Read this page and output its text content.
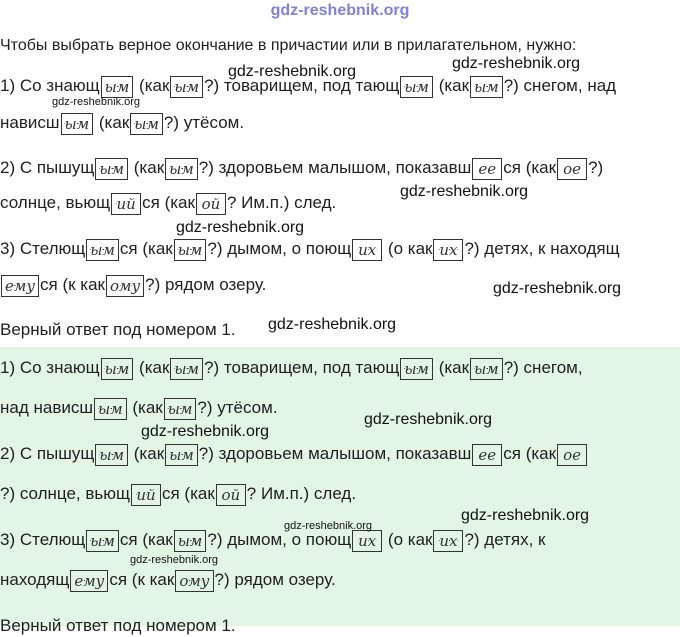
gdz-reshebnik.org
Чтобы выбрать верное окончание в причастии или в прилагательном, нужно:
1) Со знающ ым (как ым ?) товарищем, под тающ ым (как ым ?) снегом, над
нависш ым (как ым ?) утёсом.
2) С пышущ ым (как ым ?) здоровьем малышом, показавш ее ся (как ое ?)
солнце, вьющ ий ся (как ой ? Им.п.) след.
3) Стелющ ым ся (как ым ?) дымом, о поющ их (о как их ?) детях, к находящ
ему ся (к как ому ?) рядом озеру.
Верный ответ под номером 1.
1) Со знающ ым (как ым ?) товарищем, под тающ ым (как ым ?) снегом,
над нависш ым (как ым ?) утёсом.
2) С пышущ ым (как ым ?) здоровьем малышом, показавш ее ся (как ое
?) солнце, вьющ ий ся (как ой ? Им.п.) след.
3) Стелющ ым ся (как ым ?) дымом, о поющ их (о как их ?) детях, к
находящ ему ся (к как ому ?) рядом озеру.
Верный ответ под номером 1.
gdz-reshebnik.org	gdz-reshebnik.org
gdz-reshebnik.org
gdz-reshebnik.org
gdz-reshebnik.org
gdz-reshebnik.org
gdz-reshebnik.org
gdz-reshebnik.org
gdz-reshebnik.org
gdz-reshebnik.org
gdz-reshebnik.org
gdz-reshebnik.org
